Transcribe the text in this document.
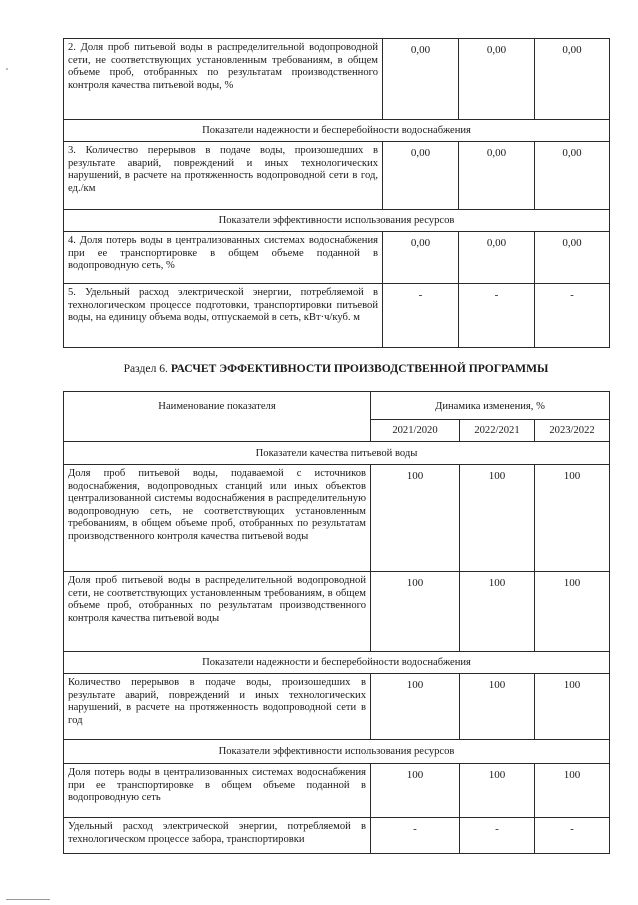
2. Доля проб питьевой воды в распределительной водопроводной сети, не соответствующих установленным требованиям, в общем объеме проб, отобранных по результатам производственного контроля качества питьевой воды, %	0,00	0,00	0,00
Показатели надежности и бесперебойности водоснабжения			
3. Количество перерывов в подаче воды, произошедших в результате аварий, повреждений и иных технологических нарушений, в расчете на протяженность водопроводной сети в год, ед./км	0,00	0,00	0,00
Показатели эффективности использования ресурсов			
4. Доля потерь воды в централизованных системах водоснабжения при ее транспортировке в общем объеме поданной в водопроводную сеть, %	0,00	0,00	0,00
5. Удельный расход электрической энергии, потребляемой в технологическом процессе подготовки, транспортировки питьевой воды, на единицу объема воды, отпускаемой в сеть, кВт·ч/куб. м	-	-	-
Раздел 6. РАСЧЕТ ЭФФЕКТИВНОСТИ ПРОИЗВОДСТВЕННОЙ ПРОГРАММЫ
Наименование показателя	Динамика изменения, %		
	2021/2020	2022/2021	2023/2022
Показатели качества питьевой воды			
Доля проб питьевой воды, подаваемой с источников водоснабжения, водопроводных станций или иных объектов централизованной системы водоснабжения в распределительную водопроводную сеть, не соответствующих установленным требованиям, в общем объеме проб, отобранных по результатам производственного контроля качества питьевой воды	100	100	100
Доля проб питьевой воды в распределительной водопроводной сети, не соответствующих установленным требованиям, в общем объеме проб, отобранных по результатам производственного контроля качества питьевой воды	100	100	100
Показатели надежности и бесперебойности водоснабжения			
Количество перерывов в подаче воды, произошедших в результате аварий, повреждений и иных технологических нарушений, в расчете на протяженность водопроводной сети в год	100	100	100
Показатели эффективности использования ресурсов			
Доля потерь воды в централизованных системах водоснабжения при ее транспортировке в общем объеме поданной в водопроводную сеть	100	100	100
Удельный расход электрической энергии, потребляемой в технологическом процессе забора, транспортировки	-	-	-
